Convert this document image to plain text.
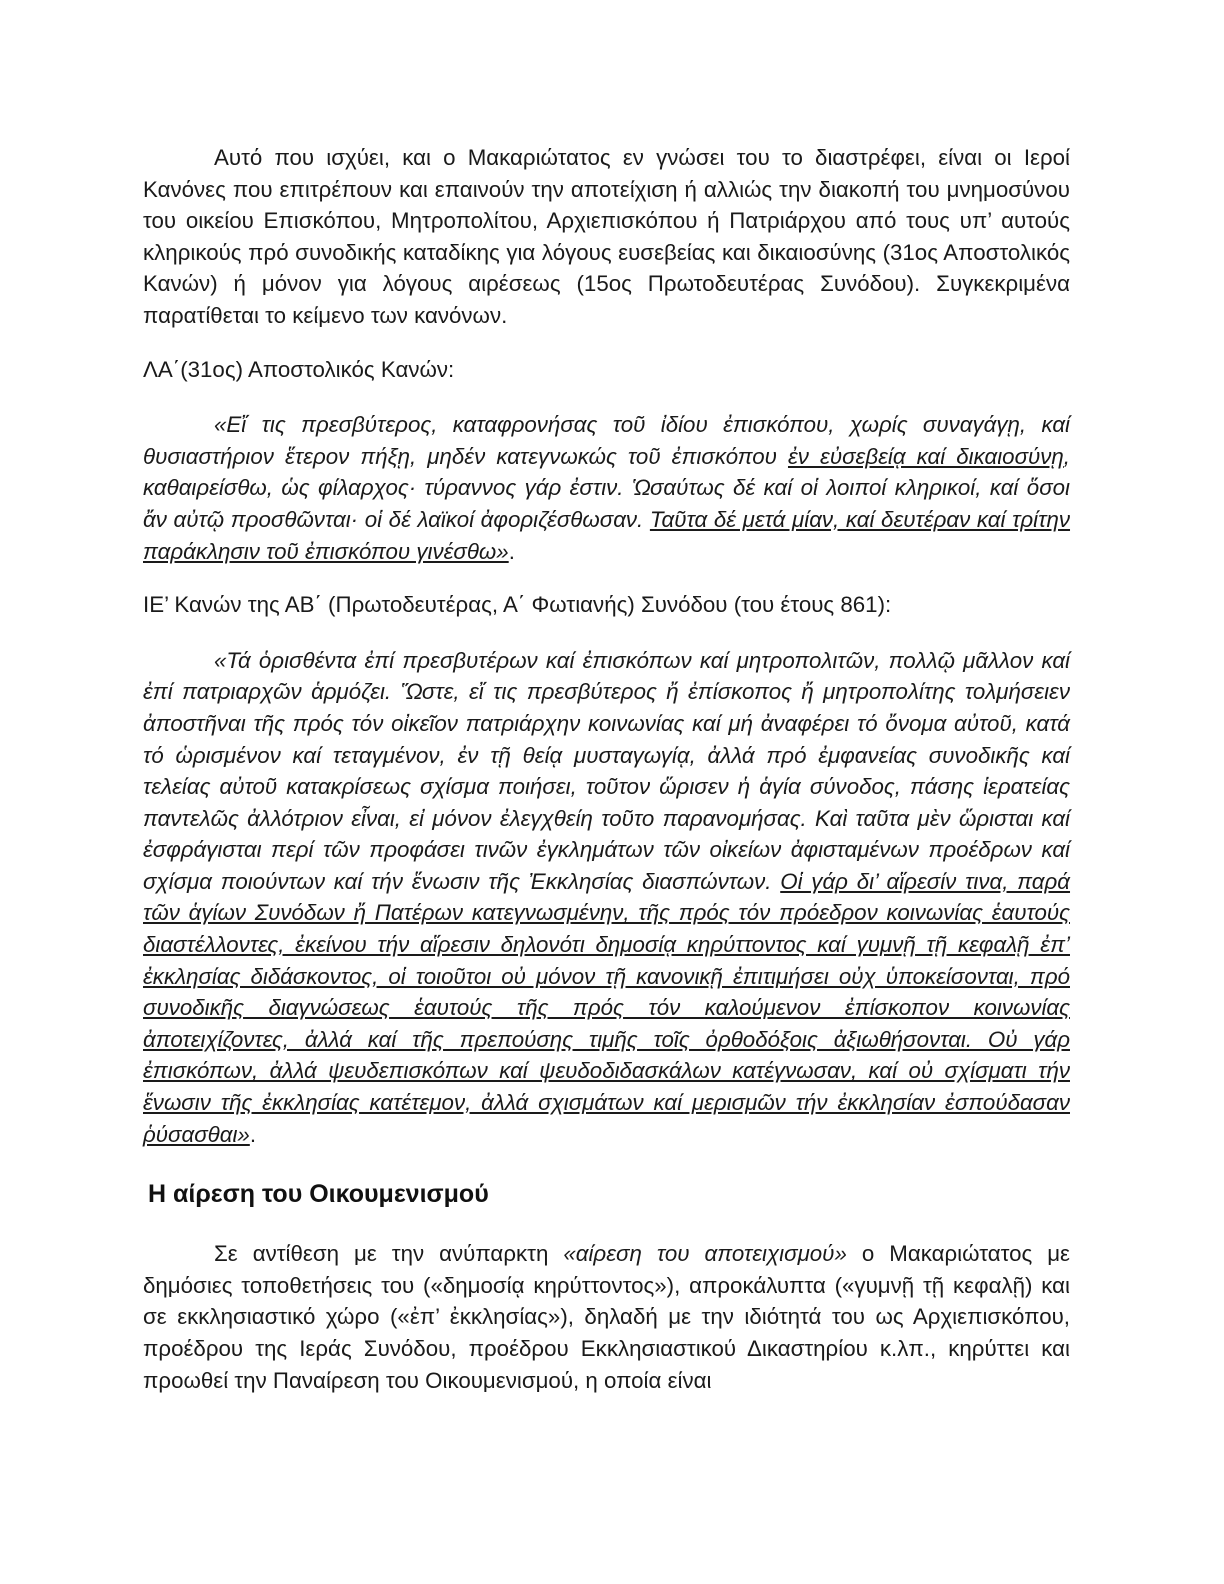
Αυτό που ισχύει, και ο Μακαριώτατος εν γνώσει του το διαστρέφει, είναι οι Ιεροί Κανόνες που επιτρέπουν και επαινούν την αποτείχιση ή αλλιώς την διακοπή του μνημοσύνου του οικείου Επισκόπου, Μητροπολίτου, Αρχιεπισκόπου ή Πατριάρχου από τους υπ’ αυτούς κληρικούς πρό συνοδικής καταδίκης για λόγους ευσεβείας και δικαιοσύνης (31ος Αποστολικός Κανών) ή μόνον για λόγους αιρέσεως (15ος Πρωτοδευτέρας Συνόδου). Συγκεκριμένα παρατίθεται το κείμενο των κανόνων.

ΛΑ΄(31ος) Αποστολικός Κανών:

«Εἴ τις πρεσβύτερος, καταφρονήσας τοῦ ἰδίου ἐπισκόπου, χωρίς συναγάγῃ, καί θυσιαστήριον ἕτερον πήξῃ, μηδέν κατεγνωκώς τοῦ ἐπισκόπου ἐν εὐσεβείᾳ καί δικαιοσύνῃ, καθαιρείσθω, ὡς φίλαρχος· τύραννος γάρ ἐστιν. Ὡσαύτως δέ καί οἱ λοιποί κληρικοί, καί ὅσοι ἄν αὐτῷ προσθῶνται· οἱ δέ λαϊκοί ἀφοριζέσθωσαν. Ταῦτα δέ μετά μίαν, καί δευτέραν καί τρίτην παράκλησιν τοῦ ἐπισκόπου γινέσθω».

ΙΕ’ Κανών της ΑΒ΄ (Πρωτοδευτέρας, Α΄ Φωτιανής) Συνόδου (του έτους 861):

«Τά ὁρισθέντα ἐπί πρεσβυτέρων καί ἐπισκόπων καί μητροπολιτῶν, πολλῷ μᾶλλον καί ἐπί πατριαρχῶν ἁρμόζει. Ὥστε, εἴ τις πρεσβύτερος ἤ ἐπίσκοπος ἤ μητροπολίτης τολμήσειεν ἀποστῆναι τῆς πρός τόν οἰκεῖον πατριάρχην κοινωνίας καί μή ἀναφέρει τό ὄνομα αὐτοῦ, κατά τό ὡρισμένον καί τεταγμένον, ἐν τῇ θείᾳ μυσταγωγίᾳ, ἀλλά πρό ἐμφανείας συνοδικῆς καί τελείας αὐτοῦ κατακρίσεως σχίσμα ποιήσει, τοῦτον ὥρισεν ἡ ἁγία σύνοδος, πάσης ἱερατείας παντελῶς ἀλλότριον εἶναι, εἰ μόνον ἐλεγχθείη τοῦτο παρανομήσας. Καὶ ταῦτα μὲν ὥρισται καί ἐσφράγισται περί τῶν προφάσει τινῶν ἐγκλημάτων τῶν οἰκείων ἀφισταμένων προέδρων καί σχίσμα ποιούντων καί τήν ἕνωσιν τῆς Ἐκκλησίας διασπώντων. Οἱ γάρ δι’ αἵρεσίν τινα, παρά τῶν ἁγίων Συνόδων ἤ Πατέρων κατεγνωσμένην, τῆς πρός τόν πρόεδρον κοινωνίας ἑαυτούς διαστέλλοντες, ἐκείνου τήν αἵρεσιν δηλονότι δημοσίᾳ κηρύττοντος καί γυμνῇ τῇ κεφαλῇ ἐπ’ ἐκκλησίας διδάσκοντος, οἱ τοιοῦτοι οὐ μόνον τῇ κανονικῇ ἐπιτιμήσει οὐχ ὑποκείσονται, πρό συνοδικῆς διαγνώσεως ἑαυτούς τῆς πρός τόν καλούμενον ἐπίσκοπον κοινωνίας ἀποτειχίζοντες, ἀλλά καί τῆς πρεπούσης τιμῆς τοῖς ὀρθοδόξοις ἀξιωθήσονται. Οὐ γάρ ἐπισκόπων, ἀλλά ψευδεπισκόπων καί ψευδοδιδασκάλων κατέγνωσαν, καί οὐ σχίσματι τήν ἕνωσιν τῆς ἐκκλησίας κατέτεμον, ἀλλά σχισμάτων καί μερισμῶν τήν ἐκκλησίαν ἐσπούδασαν ῥύσασθαι».

Η αίρεση του Οικουμενισμού

Σε αντίθεση με την ανύπαρκτη «αίρεση του αποτειχισμού» ο Μακαριώτατος με δημόσιες τοποθετήσεις του («δημοσίᾳ κηρύττοντος»), απροκάλυπτα («γυμνῇ τῇ κεφαλῇ) και σε εκκλησιαστικό χώρο («ἐπ’ ἐκκλησίας»), δηλαδή με την ιδιότητά του ως Αρχιεπισκόπου, προέδρου της Ιεράς Συνόδου, προέδρου Εκκλησιαστικού Δικαστηρίου κ.λπ., κηρύττει και προωθεί την Παναίρεση του Οικουμενισμού, η οποία είναι
